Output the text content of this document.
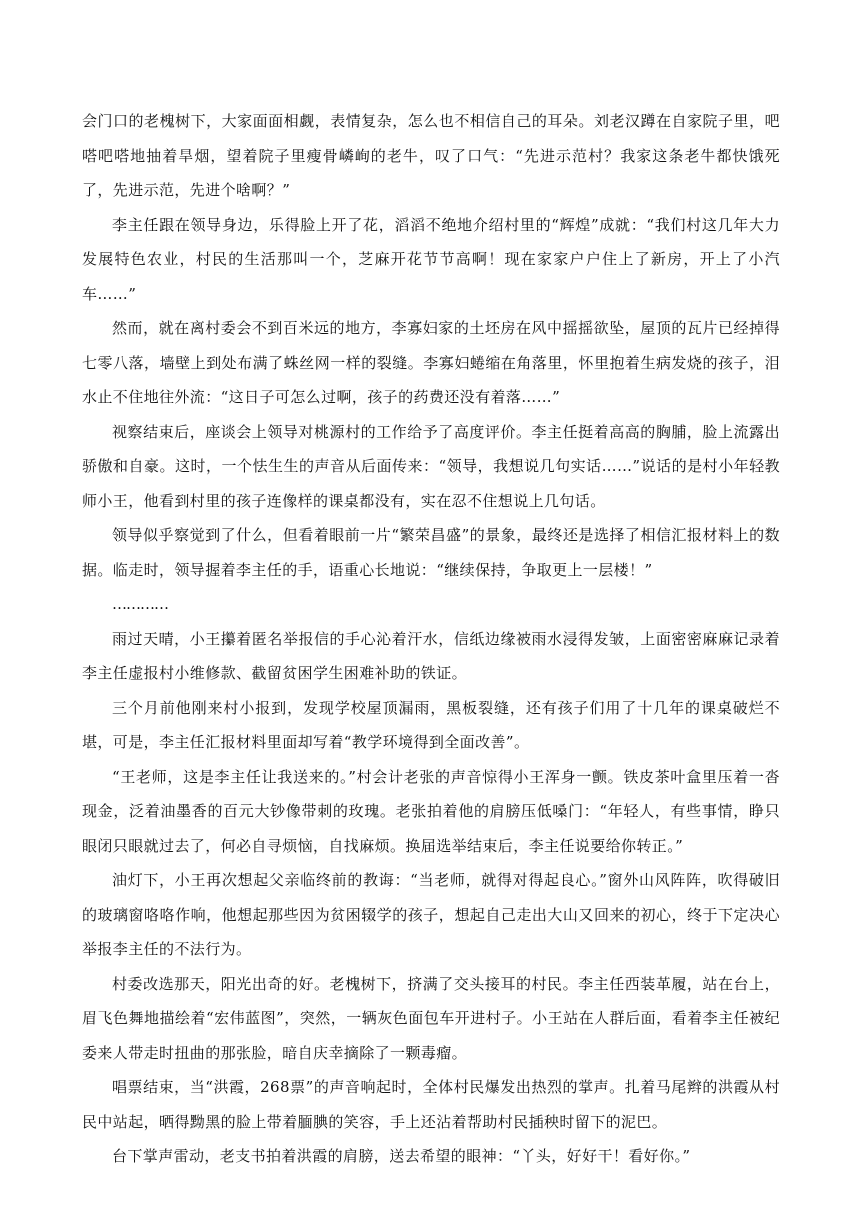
会门口的老槐树下，大家面面相觑，表情复杂，怎么也不相信自己的耳朵。刘老汉蹲在自家院子里，吧嗒吧嗒地抽着旱烟，望着院子里瘦骨嶙峋的老牛，叹了口气：“先进示范村？我家这条老牛都快饿死了，先进示范，先进个啥啊？”

李主任跟在领导身边，乐得脸上开了花，滔滔不绝地介绍村里的“辉煌”成就：“我们村这几年大力发展特色农业，村民的生活那叫一个，芝麻开花节节高啊！现在家家户户住上了新房，开上了小汽车……”

然而，就在离村委会不到百米远的地方，李寡妇家的土坯房在风中摇摇欲坠，屋顶的瓦片已经掉得七零八落，墙壁上到处布满了蛛丝网一样的裂缝。李寡妇蜷缩在角落里，怀里抱着生病发烧的孩子，泪水止不住地往外流：“这日子可怎么过啊，孩子的药费还没有着落……”

视察结束后，座谈会上领导对桃源村的工作给予了高度评价。李主任挺着高高的胸脯，脸上流露出骄傲和自豪。这时，一个怯生生的声音从后面传来：“领导，我想说几句实话……”说话的是村小年轻教师小王，他看到村里的孩子连像样的课桌都没有，实在忍不住想说上几句话。

领导似乎察觉到了什么，但看着眼前一片“繁荣昌盛”的景象，最终还是选择了相信汇报材料上的数据。临走时，领导握着李主任的手，语重心长地说：“继续保持，争取更上一层楼！”

…………

雨过天晴，小王攥着匿名举报信的手心沁着汗水，信纸边缘被雨水浸得发皱，上面密密麻麻记录着李主任虚报村小维修款、截留贫困学生困难补助的铁证。

三个月前他刚来村小报到，发现学校屋顶漏雨，黑板裂缝，还有孩子们用了十几年的课桌破烂不堪，可是，李主任汇报材料里面却写着“教学环境得到全面改善”。

“王老师，这是李主任让我送来的。”村会计老张的声音惊得小王浑身一颤。铁皮茶叶盒里压着一沓现金，泛着油墨香的百元大钞像带刺的玫瑰。老张拍着他的肩膀压低嗓门：“年轻人，有些事情，睁只眼闭只眼就过去了，何必自寻烦恼，自找麻烦。换届选举结束后，李主任说要给你转正。”

油灯下，小王再次想起父亲临终前的教诲：“当老师，就得对得起良心。”窗外山风阵阵，吹得破旧的玻璃窗咯咯作响，他想起那些因为贫困辍学的孩子，想起自己走出大山又回来的初心，终于下定决心举报李主任的不法行为。

村委改选那天，阳光出奇的好。老槐树下，挤满了交头接耳的村民。李主任西装革履，站在台上，眉飞色舞地描绘着“宏伟蓝图”，突然，一辆灰色面包车开进村子。小王站在人群后面，看着李主任被纪委来人带走时扭曲的那张脸，暗自庆幸摘除了一颗毒瘤。

唱票结束，当“洪霞，268票”的声音响起时，全体村民爆发出热烈的掌声。扎着马尾辫的洪霞从村民中站起，晒得黝黑的脸上带着腼腆的笑容，手上还沾着帮助村民插秧时留下的泥巴。

台下掌声雷动，老支书拍着洪霞的肩膀，送去希望的眼神：“丫头，好好干！看好你。”
